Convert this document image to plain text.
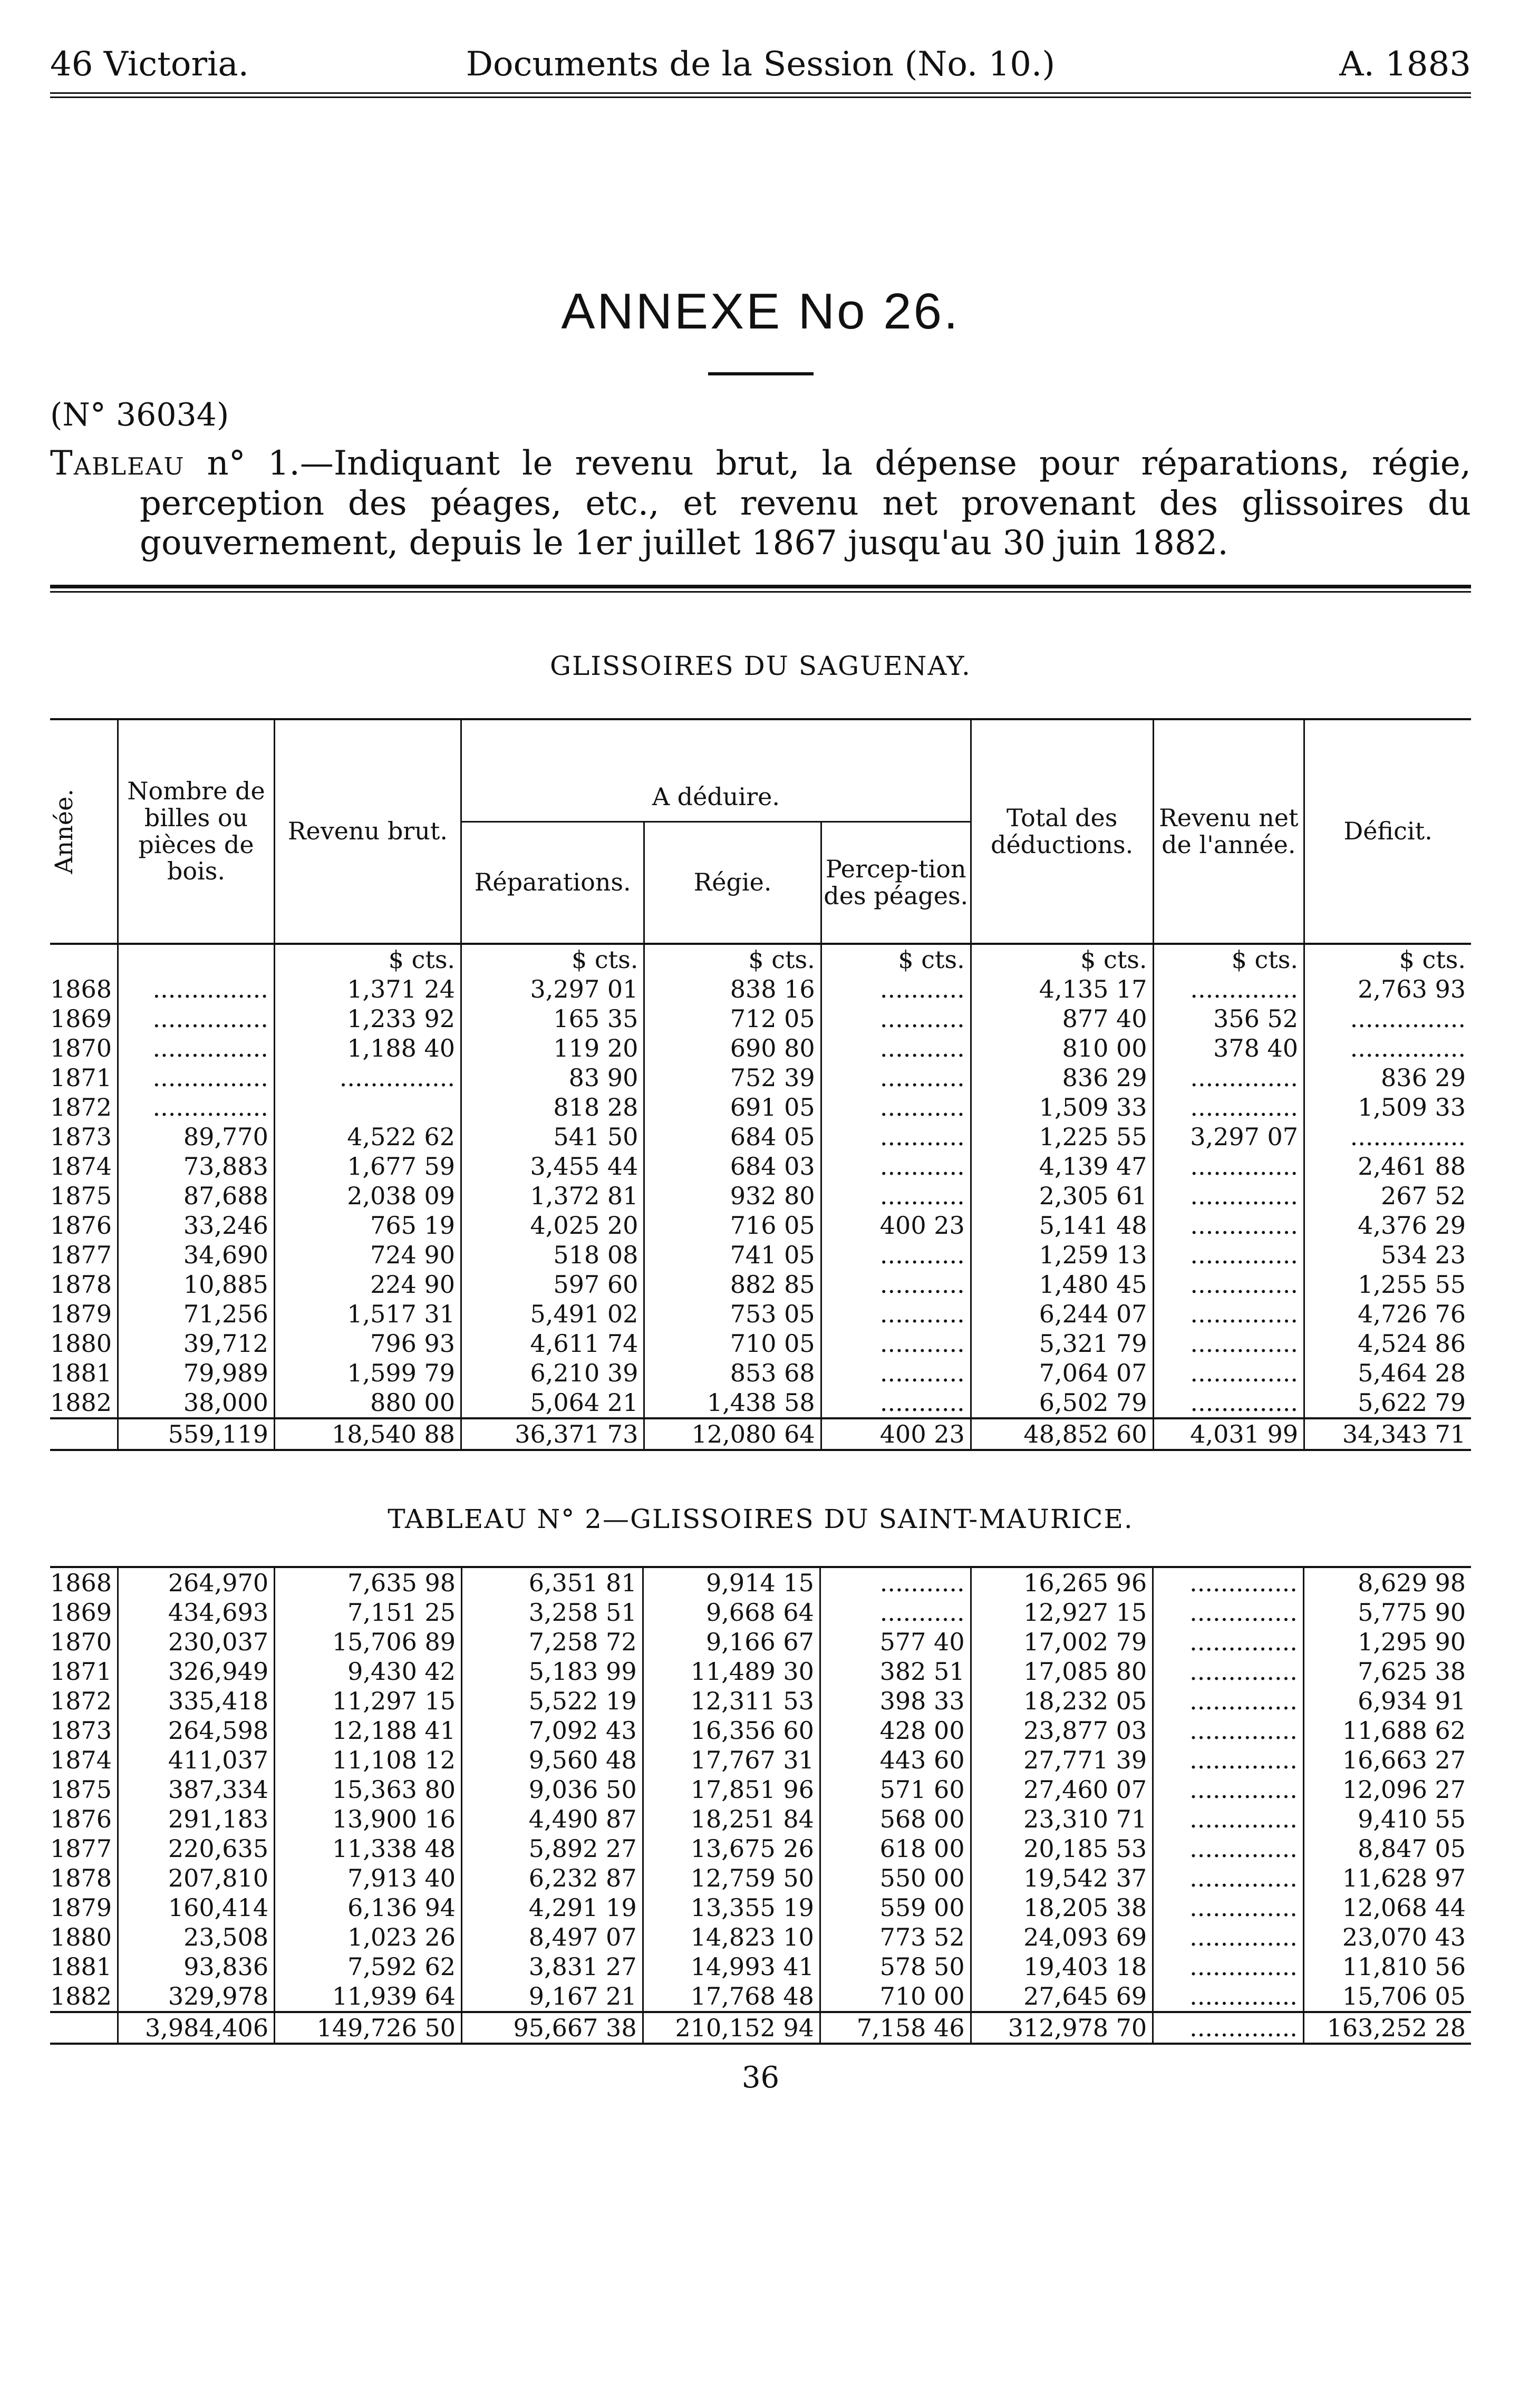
46 Victoria.	Documents de la Session (No. 10.)	A. 1883
ANNEXE No 26.
(N° 36034)
Tableau n° 1.—Indiquant le revenu brut, la dépense pour réparations, régie, perception des péages, etc., et revenu net provenant des glissoires du gouvernement, depuis le 1er juillet 1867 jusqu'au 30 juin 1882.
GLISSOIRES DU SAGUENAY.
Année.	Nombre de billes ou pièces de bois.	Revenu brut.	A déduire.			Total des déductions.	Revenu net de l'année.	Déficit.
			Réparations.	Régie.	Percep-tion des péages.			

		$ cts.	$ cts.	$ cts.	$ cts.	$ cts.	$ cts.	$ cts.
1868	...............	1,371 24	3,297 01	838 16	...........	4,135 17	..............	2,763 93
1869	...............	1,233 92	165 35	712 05	...........	877 40	356 52	...............
1870	...............	1,188 40	119 20	690 80	...........	810 00	378 40	...............
1871	...............	...............	83 90	752 39	...........	836 29	..............	836 29
1872	...............		818 28	691 05	...........	1,509 33	..............	1,509 33
1873	89,770	4,522 62	541 50	684 05	...........	1,225 55	3,297 07	...............
1874	73,883	1,677 59	3,455 44	684 03	...........	4,139 47	..............	2,461 88
1875	87,688	2,038 09	1,372 81	932 80	...........	2,305 61	..............	267 52
1876	33,246	765 19	4,025 20	716 05	400 23	5,141 48	..............	4,376 29
1877	34,690	724 90	518 08	741 05	...........	1,259 13	..............	534 23
1878	10,885	224 90	597 60	882 85	...........	1,480 45	..............	1,255 55
1879	71,256	1,517 31	5,491 02	753 05	...........	6,244 07	..............	4,726 76
1880	39,712	796 93	4,611 74	710 05	...........	5,321 79	..............	4,524 86
1881	79,989	1,599 79	6,210 39	853 68	...........	7,064 07	..............	5,464 28
1882	38,000	880 00	5,064 21	1,438 58	...........	6,502 79	..............	5,622 79
	559,119	18,540 88	36,371 73	12,080 64	400 23	48,852 60	4,031 99	34,343 71
TABLEAU N° 2—GLISSOIRES DU SAINT-MAURICE.
1868	264,970	7,635 98	6,351 81	9,914 15	...........	16,265 96	..............	8,629 98
1869	434,693	7,151 25	3,258 51	9,668 64	...........	12,927 15	..............	5,775 90
1870	230,037	15,706 89	7,258 72	9,166 67	577 40	17,002 79	..............	1,295 90
1871	326,949	9,430 42	5,183 99	11,489 30	382 51	17,085 80	..............	7,625 38
1872	335,418	11,297 15	5,522 19	12,311 53	398 33	18,232 05	..............	6,934 91
1873	264,598	12,188 41	7,092 43	16,356 60	428 00	23,877 03	..............	11,688 62
1874	411,037	11,108 12	9,560 48	17,767 31	443 60	27,771 39	..............	16,663 27
1875	387,334	15,363 80	9,036 50	17,851 96	571 60	27,460 07	..............	12,096 27
1876	291,183	13,900 16	4,490 87	18,251 84	568 00	23,310 71	..............	9,410 55
1877	220,635	11,338 48	5,892 27	13,675 26	618 00	20,185 53	..............	8,847 05
1878	207,810	7,913 40	6,232 87	12,759 50	550 00	19,542 37	..............	11,628 97
1879	160,414	6,136 94	4,291 19	13,355 19	559 00	18,205 38	..............	12,068 44
1880	23,508	1,023 26	8,497 07	14,823 10	773 52	24,093 69	..............	23,070 43
1881	93,836	7,592 62	3,831 27	14,993 41	578 50	19,403 18	..............	11,810 56
1882	329,978	11,939 64	9,167 21	17,768 48	710 00	27,645 69	..............	15,706 05
	3,984,406	149,726 50	95,667 38	210,152 94	7,158 46	312,978 70	..............	163,252 28
36
